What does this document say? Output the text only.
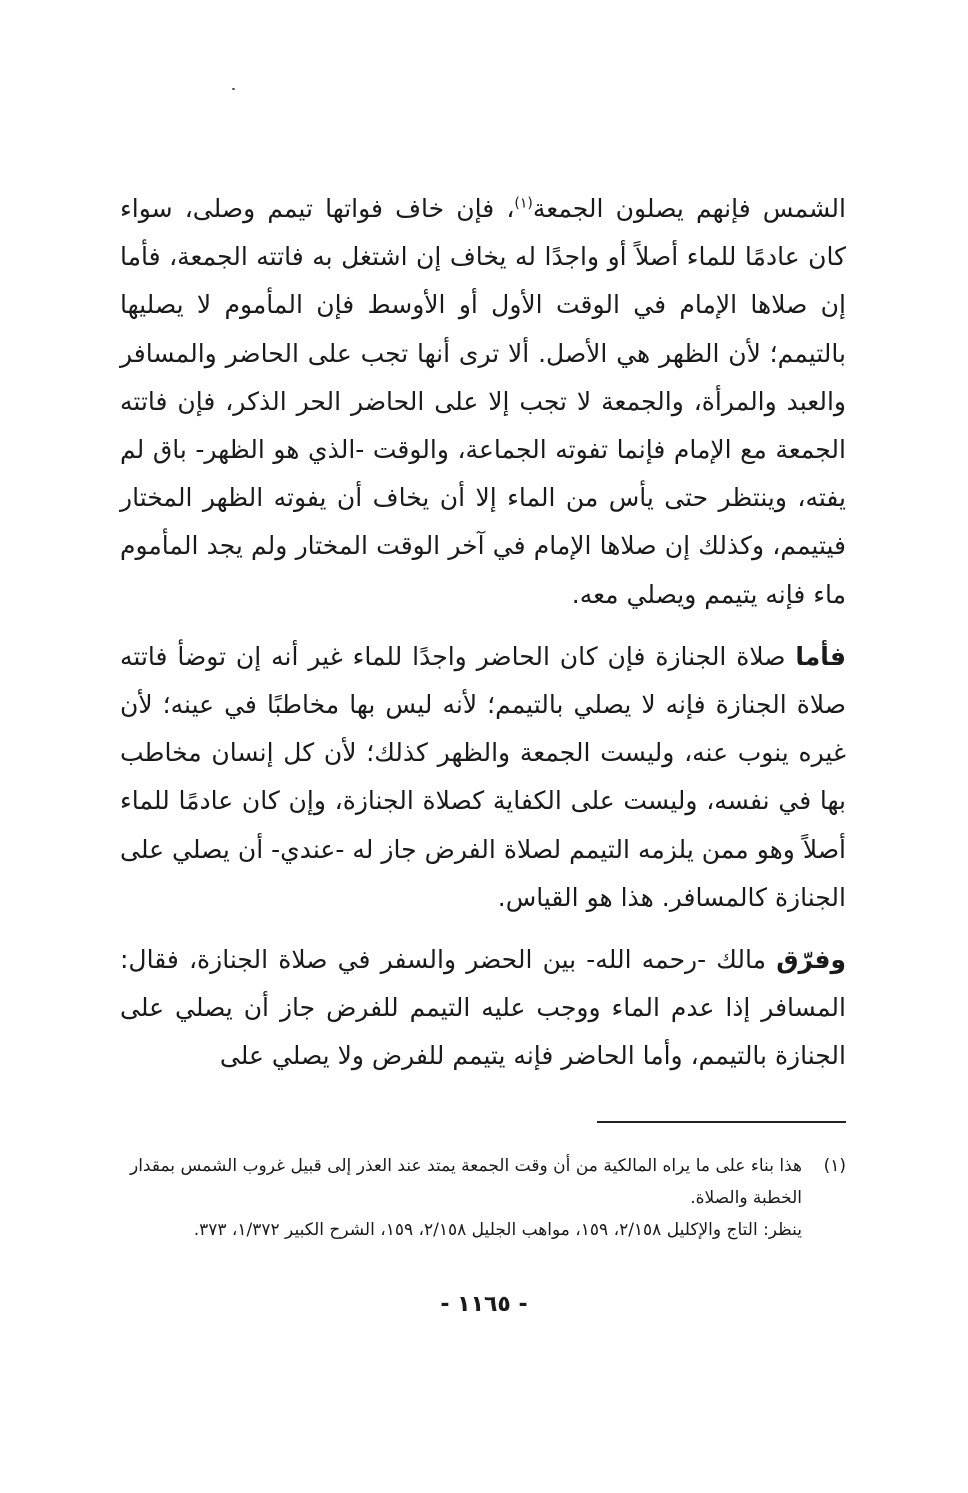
الشمس فإنهم يصلون الجمعة$^{(١)}$، فإن خاف فواتها تيمم وصلى، سواء كان عادمًا للماء أصلاً أو واجدًا له يخاف إن اشتغل به فاتته الجمعة، فأما إن صلاها الإمام في الوقت الأول أو الأوسط فإن المأموم لا يصليها بالتيمم؛ لأن الظهر هي الأصل. ألا ترى أنها تجب على الحاضر والمسافر والعبد والمرأة، والجمعة لا تجب إلا على الحاضر الحر الذكر، فإن فاتته الجمعة مع الإمام فإنما تفوته الجماعة، والوقت -الذي هو الظهر- باق لم يفته، وينتظر حتى يأس من الماء إلا أن يخاف أن يفوته الظهر المختار فيتيمم، وكذلك إن صلاها الإمام في آخر الوقت المختار ولم يجد المأموم ماء فإنه يتيمم ويصلي معه.

فأما صلاة الجنازة فإن كان الحاضر واجدًا للماء غير أنه إن توضأ فاتته صلاة الجنازة فإنه لا يصلي بالتيمم؛ لأنه ليس بها مخاطبًا في عينه؛ لأن غيره ينوب عنه، وليست الجمعة والظهر كذلك؛ لأن كل إنسان مخاطب بها في نفسه، وليست على الكفاية كصلاة الجنازة، وإن كان عادمًا للماء أصلاً وهو ممن يلزمه التيمم لصلاة الفرض جاز له -عندي- أن يصلي على الجنازة كالمسافر. هذا هو القياس.

وفرّق مالك -رحمه الله- بين الحضر والسفر في صلاة الجنازة، فقال: المسافر إذا عدم الماء ووجب عليه التيمم للفرض جاز أن يصلي على الجنازة بالتيمم، وأما الحاضر فإنه يتيمم للفرض ولا يصلي على

(١)

هذا بناء على ما يراه المالكية من أن وقت الجمعة يمتد عند العذر إلى قبيل غروب الشمس بمقدار الخطبة والصلاة.

ينظر: التاج والإكليل ٢/١٥٨، ١٥٩، مواهب الجليل ٢/١٥٨، ١٥٩، الشرح الكبير ١/٣٧٢، ٣٧٣.

- ١١٦٥ -
